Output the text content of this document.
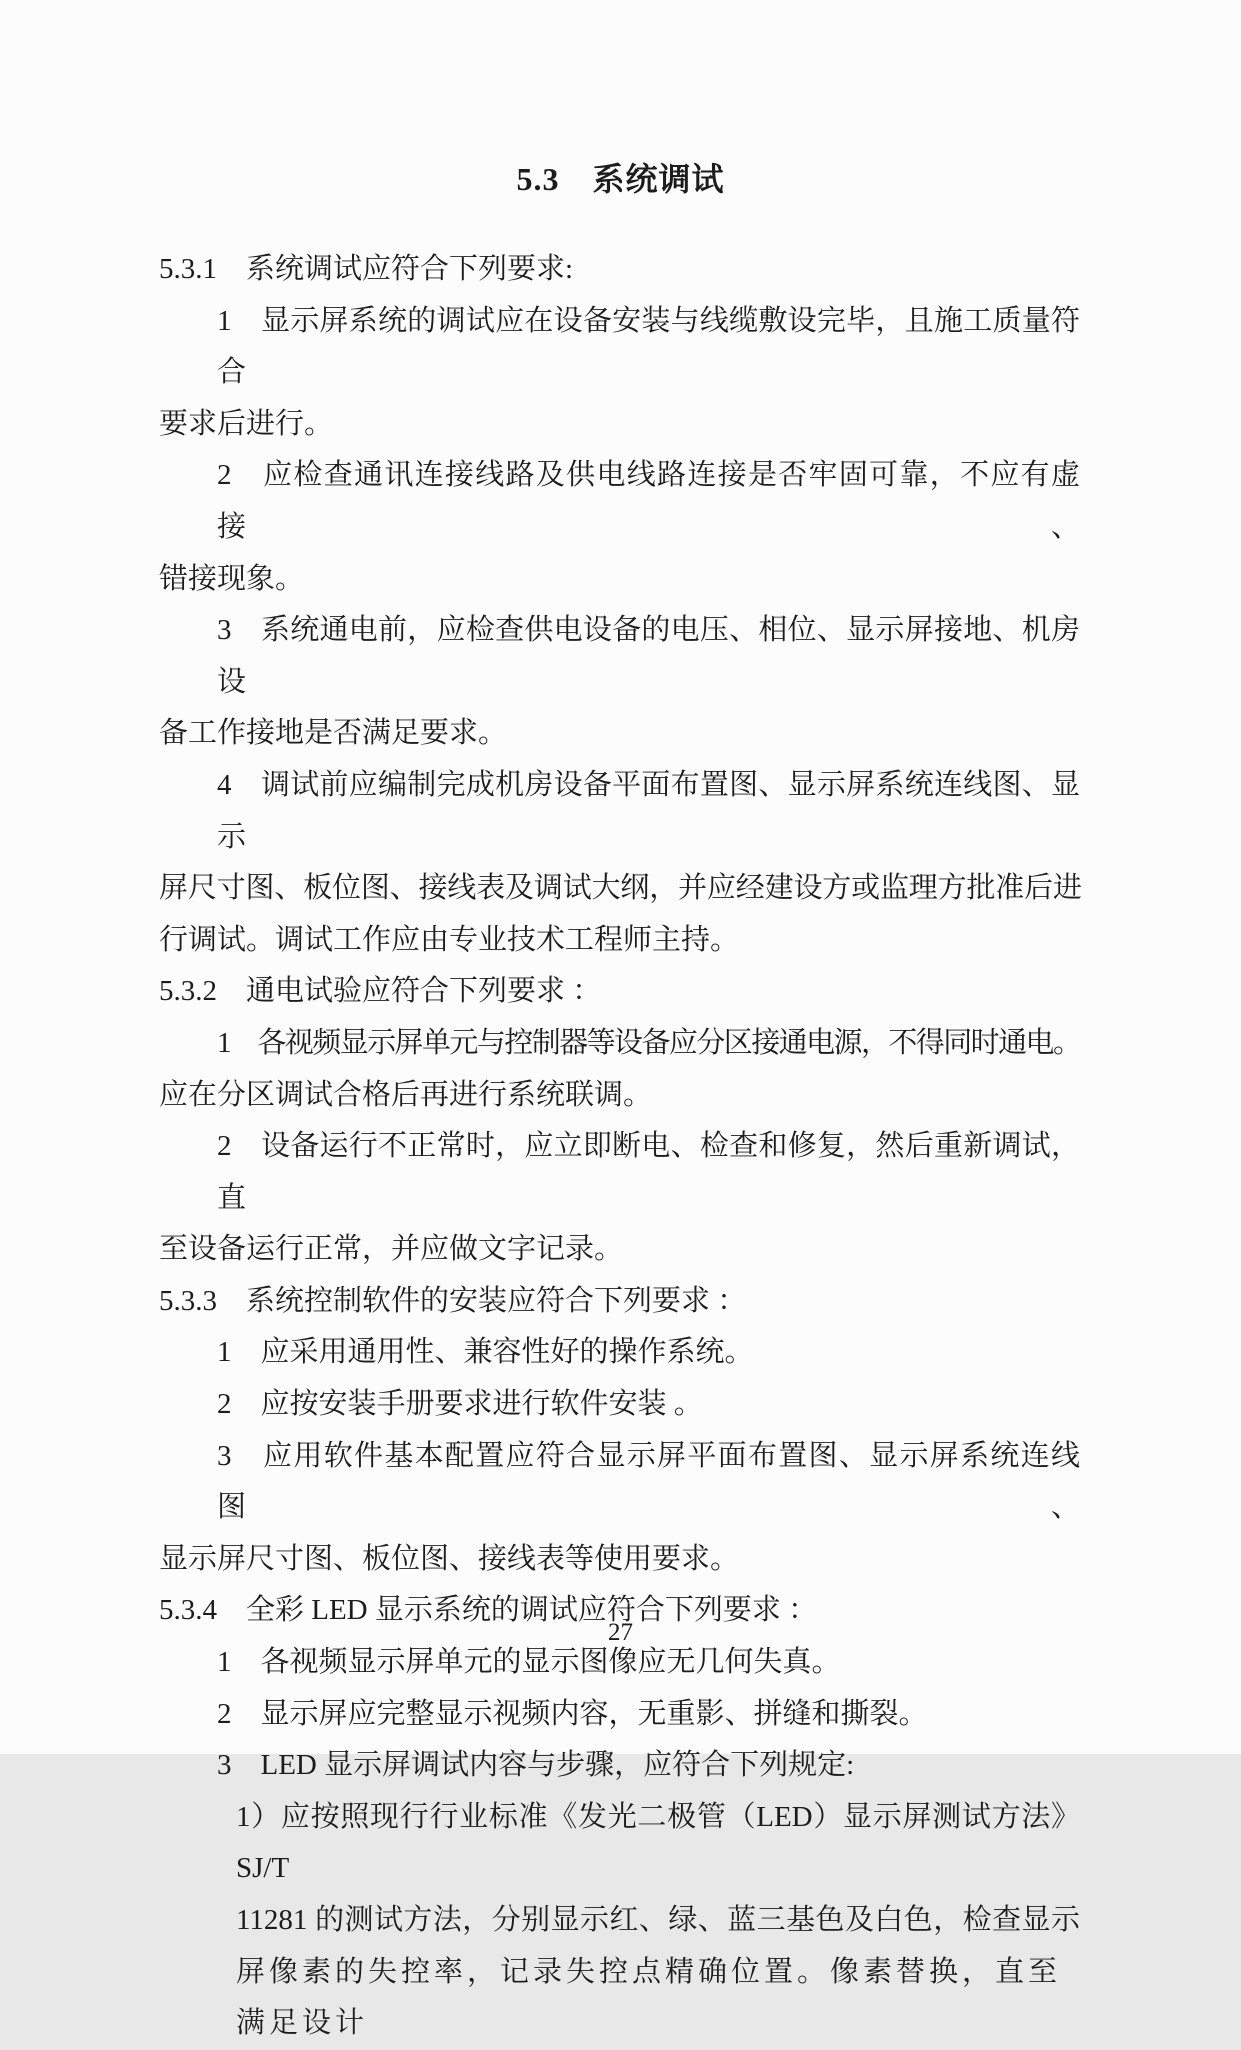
5.3　系统调试

5.3.1　系统调试应符合下列要求:

1　显示屏系统的调试应在设备安装与线缆敷设完毕，且施工质量符合

要求后进行。

2　应检查通讯连接线路及供电线路连接是否牢固可靠，不应有虚接、

错接现象。

3　系统通电前，应检查供电设备的电压、相位、显示屏接地、机房设

备工作接地是否满足要求。

4　调试前应编制完成机房设备平面布置图、显示屏系统连线图、显示

屏尺寸图、板位图、接线表及调试大纲，并应经建设方或监理方批准后进

行调试。调试工作应由专业技术工程师主持。

5.3.2　通电试验应符合下列要求 ：

1　各视频显示屏单元与控制器等设备应分区接通电源，不得同时通电。

应在分区调试合格后再进行系统联调。

2　设备运行不正常时，应立即断电、检查和修复，然后重新调试，直

至设备运行正常，并应做文字记录。

5.3.3　系统控制软件的安装应符合下列要求 ：

1　应采用通用性、兼容性好的操作系统。

2　应按安装手册要求进行软件安装 。

3　应用软件基本配置应符合显示屏平面布置图、显示屏系统连线图、

显示屏尺寸图、板位图、接线表等使用要求。

5.3.4　全彩 LED 显示系统的调试应符合下列要求 ：

1　各视频显示屏单元的显示图像应无几何失真。

2　显示屏应完整显示视频内容，无重影、拼缝和撕裂。

3　LED 显示屏调试内容与步骤，应符合下列规定:

1）应按照现行行业标准《发光二极管（LED）显示屏测试方法》SJ/T

11281 的测试方法，分别显示红、绿、蓝三基色及白色，检查显示

屏像素的失控率，记录失控点精确位置。像素替换，直至满足设计

27
